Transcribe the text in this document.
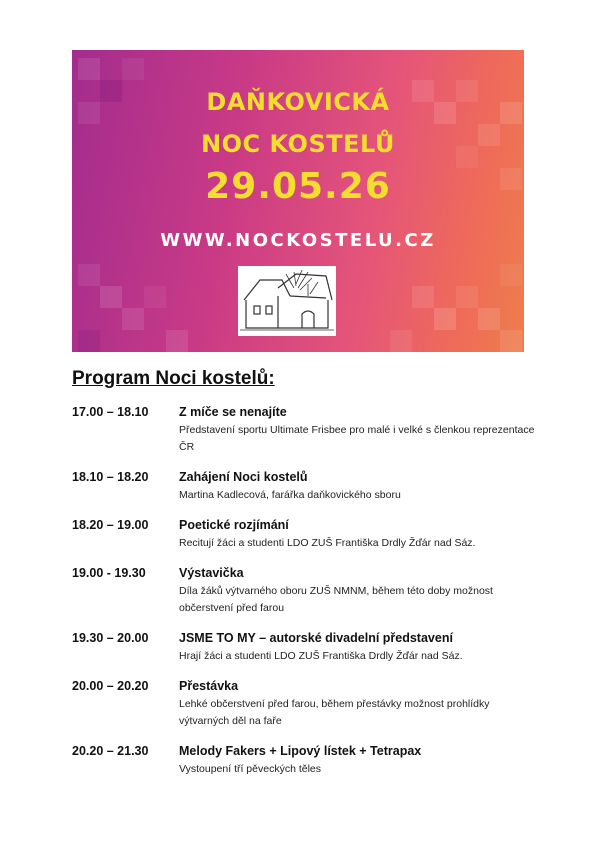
DAŇKOVICKÁ
NOC KOSTELŮ
29.05.26
WWW.NOCKOSTELU.CZ
Program Noci kostelů:
17.00 – 18.10	Z míče se nenajíte
Představení sportu Ultimate Frisbee pro malé i velké s členkou reprezentace ČR
18.10 – 18.20	Zahájení Noci kostelů
Martina Kadlecová, farářka daňkovického sboru
18.20 – 19.00	Poetické rozjímání
Recitují žáci a studenti LDO ZUŠ Františka Drdly Žďár nad Sáz.
19.00 - 19.30	Výstavička
Díla žáků výtvarného oboru ZUŠ NMNM, během této doby možnost občerstvení před farou
19.30 – 20.00	JSME TO MY – autorské divadelní představení
Hrají žáci a studenti LDO ZUŠ Františka Drdly Žďár nad Sáz.
20.00 – 20.20	Přestávka
Lehké občerstvení před farou, během přestávky možnost prohlídky výtvarných děl na faře
20.20 – 21.30	Melody Fakers + Lipový lístek + Tetrapax
Vystoupení tří pěveckých těles
